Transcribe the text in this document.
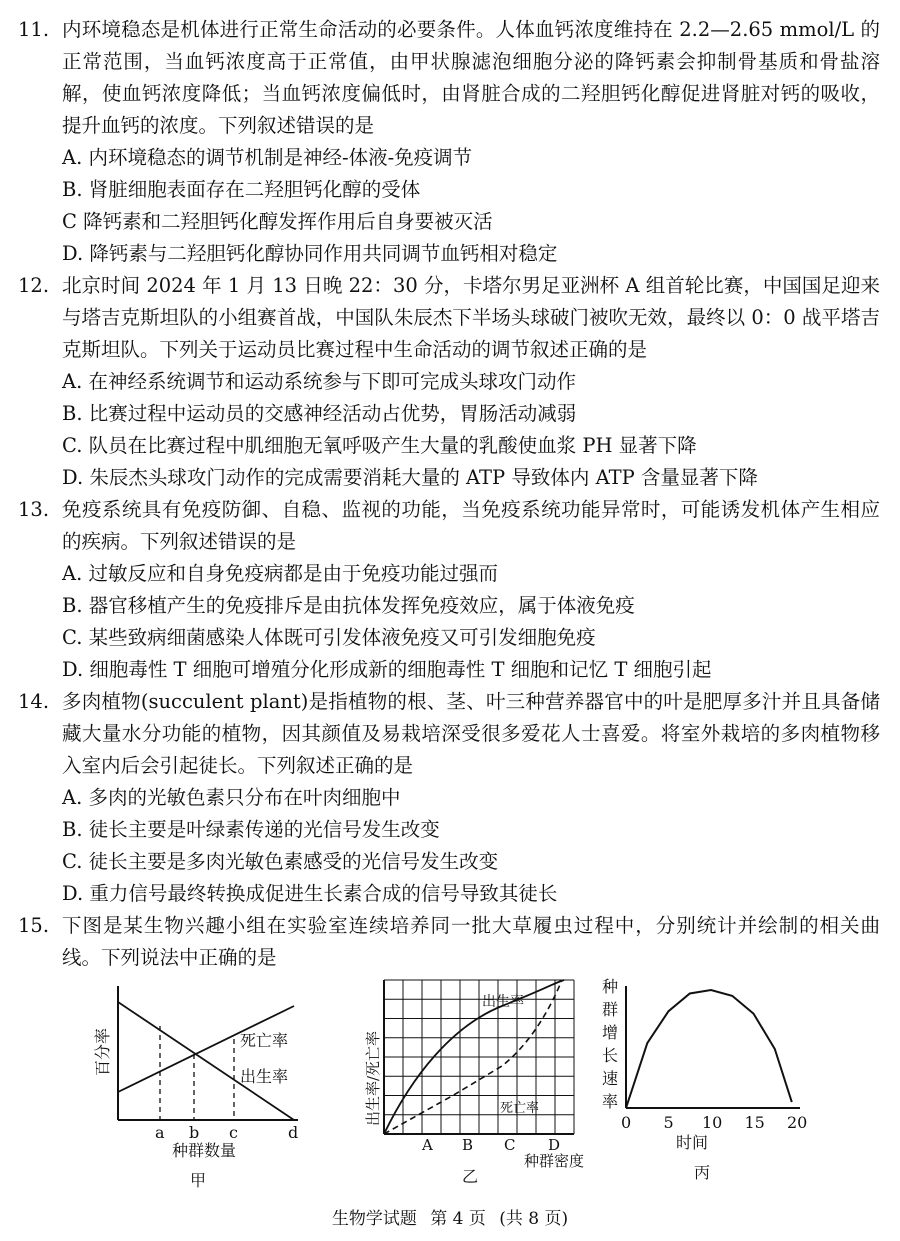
11. 内环境稳态是机体进行正常生命活动的必要条件。人体血钙浓度维持在 2.2—2.65 mmol/L 的正常范围，当血钙浓度高于正常值，由甲状腺滤泡细胞分泌的降钙素会抑制骨基质和骨盐溶解，使血钙浓度降低；当血钙浓度偏低时，由肾脏合成的二羟胆钙化醇促进肾脏对钙的吸收，提升血钙的浓度。下列叙述错误的是
A. 内环境稳态的调节机制是神经-体液-免疫调节
B. 肾脏细胞表面存在二羟胆钙化醇的受体
C 降钙素和二羟胆钙化醇发挥作用后自身要被灭活
D. 降钙素与二羟胆钙化醇协同作用共同调节血钙相对稳定
12. 北京时间 2024 年 1 月 13 日晚 22：30 分，卡塔尔男足亚洲杯 A 组首轮比赛，中国国足迎来与塔吉克斯坦队的小组赛首战，中国队朱辰杰下半场头球破门被吹无效，最终以 0：0 战平塔吉克斯坦队。下列关于运动员比赛过程中生命活动的调节叙述正确的是
A. 在神经系统调节和运动系统参与下即可完成头球攻门动作
B. 比赛过程中运动员的交感神经活动占优势，胃肠活动减弱
C. 队员在比赛过程中肌细胞无氧呼吸产生大量的乳酸使血浆 PH 显著下降
D. 朱辰杰头球攻门动作的完成需要消耗大量的 ATP 导致体内 ATP 含量显著下降
13. 免疫系统具有免疫防御、自稳、监视的功能，当免疫系统功能异常时，可能诱发机体产生相应的疾病。下列叙述错误的是
A. 过敏反应和自身免疫病都是由于免疫功能过强而
B. 器官移植产生的免疫排斥是由抗体发挥免疫效应，属于体液免疫
C. 某些致病细菌感染人体既可引发体液免疫又可引发细胞免疫
D. 细胞毒性 T 细胞可增殖分化形成新的细胞毒性 T 细胞和记忆 T 细胞引起
14. 多肉植物(succulent plant)是指植物的根、茎、叶三种营养器官中的叶是肥厚多汁并且具备储藏大量水分功能的植物，因其颜值及易栽培深受很多爱花人士喜爱。将室外栽培的多肉植物移入室内后会引起徒长。下列叙述正确的是
A. 多肉的光敏色素只分布在叶肉细胞中
B. 徒长主要是叶绿素传递的光信号发生改变
C. 徒长主要是多肉光敏色素感受的光信号发生改变
D. 重力信号最终转换成促进生长素合成的信号导致其徒长
15. 下图是某生物兴趣小组在实验室连续培养同一批大草履虫过程中，分别统计并绘制的相关曲线。下列说法中正确的是
百分率	死亡率
出生率
a b c	d
种群数量
甲
出生率/死亡率
出生率
死亡率
A B C D
种群密度
乙
种
群
增
长
速
率
0 5 10 15 20
时间
丙
生物学试题 第 4 页 (共 8 页)
